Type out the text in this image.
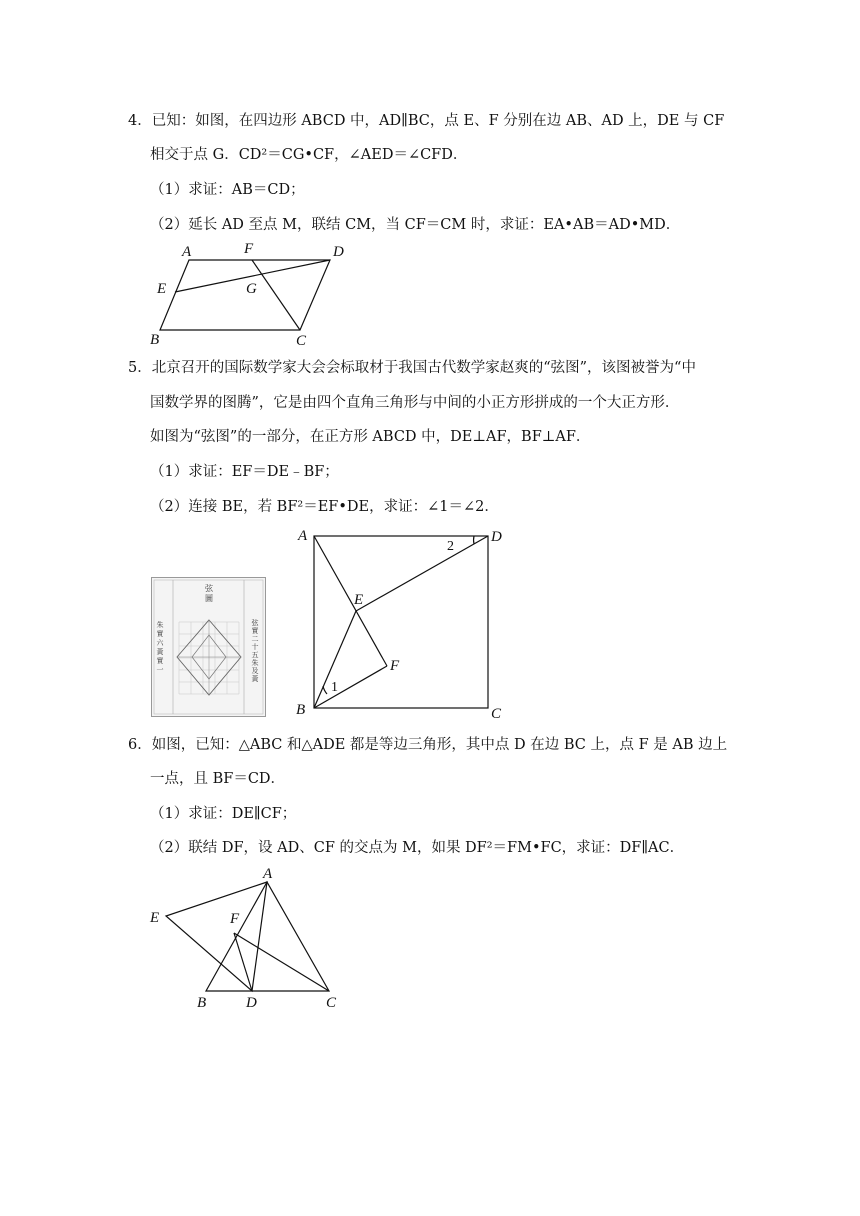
4．已知：如图，在四边形 ABCD 中，AD∥BC，点 E、F 分别在边 AB、AD 上，DE 与 CF
相交于点 G．CD²＝CG•CF，∠AED＝∠CFD．
（1）求证：AB＝CD；
（2）延长 AD 至点 M，联结 CM，当 CF＝CM 时，求证：EA•AB＝AD•MD．
A	F	D
E	G
B	C
5．北京召开的国际数学家大会会标取材于我国古代数学家赵爽的“弦图”，该图被誉为“中
国数学界的图腾”，它是由四个直角三角形与中间的小正方形拼成的一个大正方形．
如图为“弦图”的一部分，在正方形 ABCD 中，DE⊥AF，BF⊥AF．
（1）求证：EF＝DE﹣BF；
（2）连接 BE，若 BF²＝EF•DE，求证：∠1＝∠2．
弦圖
朱實六黃實一
弦實二十五朱及黃
A	D
E
F
B	C
1
2
6．如图，已知：△ABC 和△ADE 都是等边三角形，其中点 D 在边 BC 上，点 F 是 AB 边上
一点，且 BF＝CD．
（1）求证：DE∥CF；
（2）联结 DF，设 AD、CF 的交点为 M，如果 DF²＝FM•FC，求证：DF∥AC．
A
E	F
B	D	C
